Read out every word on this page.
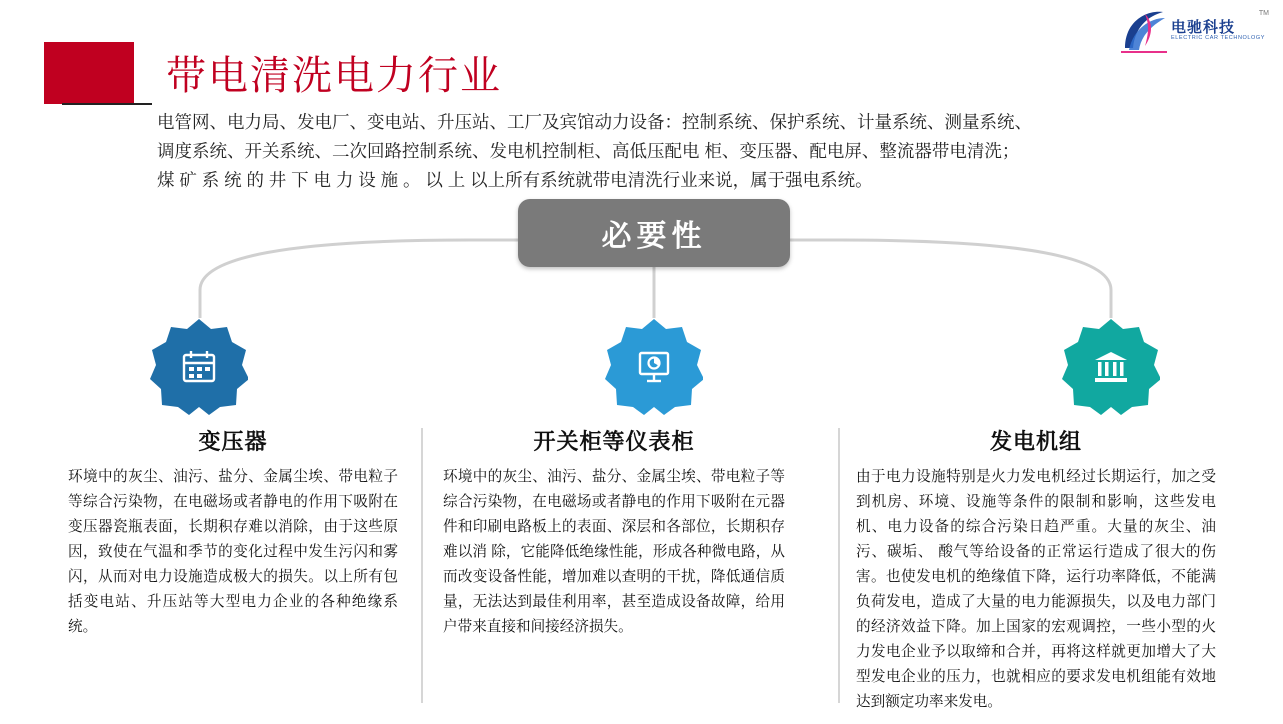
电驰科技
ELECTRIC CAR TECHNOLOGY
TM
带电清洗电力行业
电管网、电力局、发电厂、变电站、升压站、工厂及宾馆动力设备：控制系统、保护系统、计量系统、测量系统、
调度系统、开关系统、二次回路控制系统、发电机控制柜、高低压配电 柜、变压器、配电屏、整流器带电清洗；
煤 矿 系 统 的 井 下 电 力 设 施 。 以 上 以上所有系统就带电清洗行业来说，属于强电系统。
必要性
变压器
环境中的灰尘、油污、盐分、金属尘埃、带电粒子等综合污染物，在电磁场或者静电的作用下吸附在变压器瓷瓶表面，长期积存难以消除，由于这些原因，致使在气温和季节的变化过程中发生污闪和雾闪，从而对电力设施造成极大的损失。以上所有包括变电站、升压站等大型电力企业的各种绝缘系统。
开关柜等仪表柜
环境中的灰尘、油污、盐分、金属尘埃、带电粒子等综合污染物，在电磁场或者静电的作用下吸附在元器件和印刷电路板上的表面、深层和各部位，长期积存难以消 除，它能降低绝缘性能，形成各种微电路，从而改变设备性能，增加难以查明的干扰，降低通信质量，无法达到最佳利用率，甚至造成设备故障，给用户带来直接和间接经济损失。
发电机组
由于电力设施特别是火力发电机经过长期运行，加之受到机房、环境、设施等条件的限制和影响，这些发电机、电力设备的综合污染日趋严重。大量的灰尘、油污、碳垢、 酸气等给设备的正常运行造成了很大的伤害。也使发电机的绝缘值下降，运行功率降低，不能满负荷发电，造成了大量的电力能源损失，以及电力部门的经济效益下降。加上国家的宏观调控，一些小型的火力发电企业予以取缔和合并，再将这样就更加增大了大型发电企业的压力，也就相应的要求发电机组能有效地达到额定功率来发电。
